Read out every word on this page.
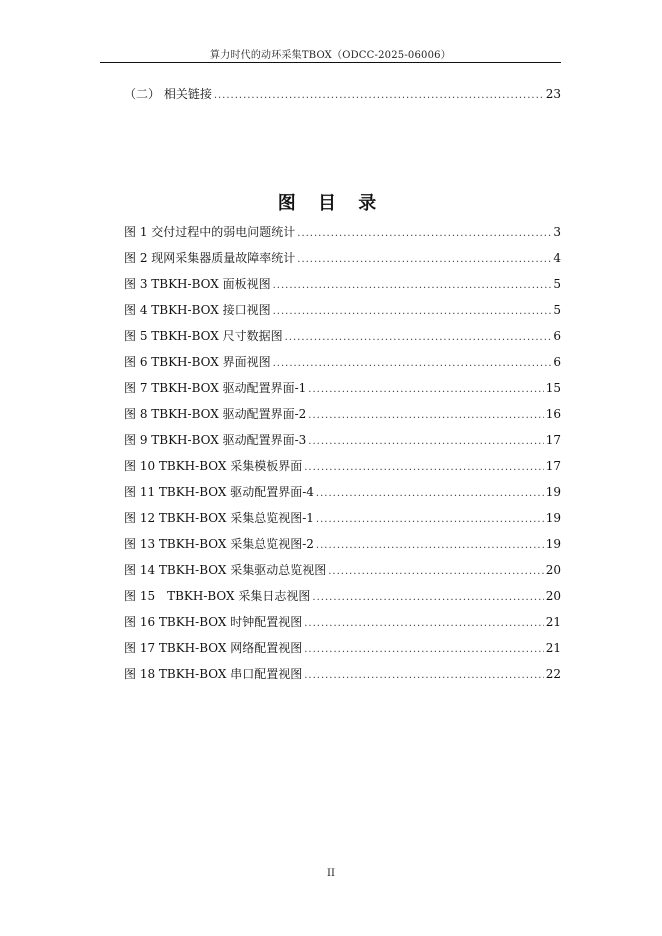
算力时代的动环采集TBOX（ODCC-2025-06006）
（二） 相关链接 .....	23
图 目 录
图 1 交付过程中的弱电问题统计 .....	3
图 2 现网采集器质量故障率统计 .....	4
图 3 TBKH-BOX 面板视图 .....	5
图 4 TBKH-BOX 接口视图 .....	5
图 5 TBKH-BOX 尺寸数据图 .....	6
图 6 TBKH-BOX 界面视图 .....	6
图 7 TBKH-BOX 驱动配置界面-1 .....	15
图 8 TBKH-BOX 驱动配置界面-2 .....	16
图 9 TBKH-BOX 驱动配置界面-3 .....	17
图 10 TBKH-BOX 采集模板界面 .....	17
图 11 TBKH-BOX 驱动配置界面-4 .....	19
图 12 TBKH-BOX 采集总览视图-1 .....	19
图 13 TBKH-BOX 采集总览视图-2 .....	19
图 14 TBKH-BOX 采集驱动总览视图 .....	20
图 15　TBKH-BOX 采集日志视图 .....	20
图 16 TBKH-BOX 时钟配置视图 .....	21
图 17 TBKH-BOX 网络配置视图 .....	21
图 18 TBKH-BOX 串口配置视图 .....	22
II
